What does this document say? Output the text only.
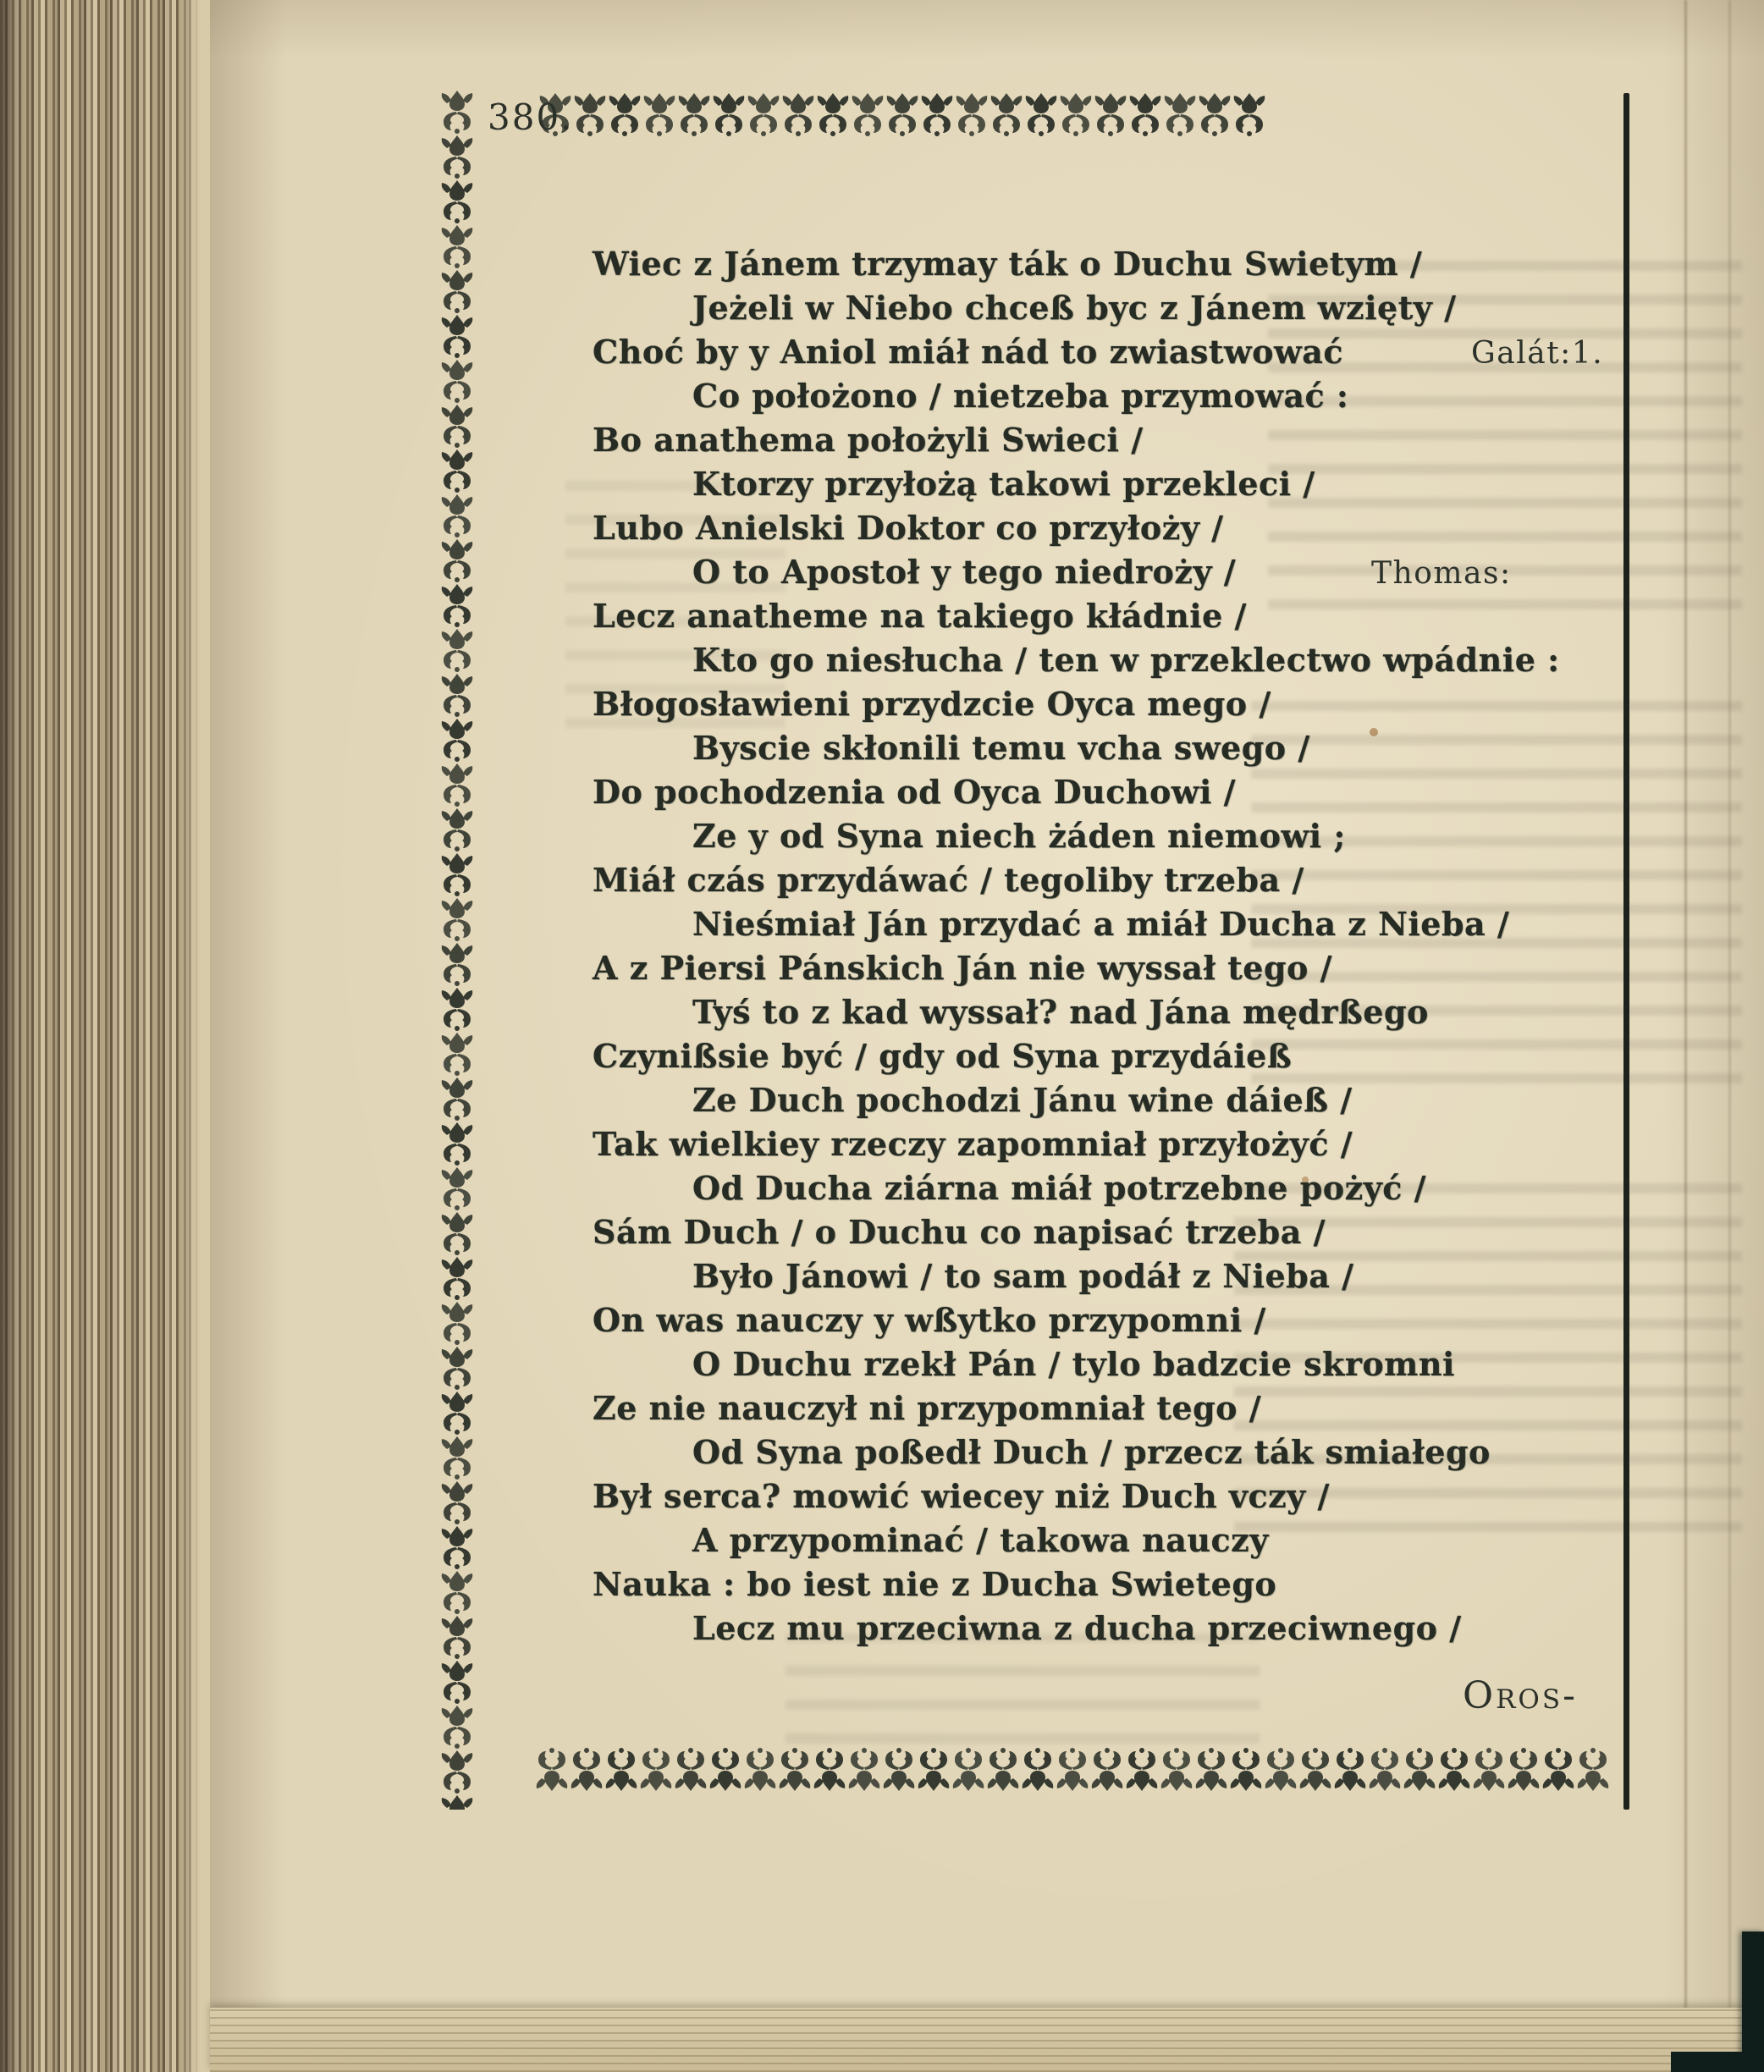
380.
Wiec z Jánem trzymay ták o Duchu Swietym /
Jeżeli w Niebo chceß byc z Jánem wzięty /
Choć by y Aniol miáł nád to zwiastwować	Galát:1.
Co położono / nietzeba przymować :
Bo anathema położyli Swieci /
Ktorzy przyłożą takowi przekleci /
Lubo Anielski Doktor co przyłoży /
O to Apostoł y tego niedroży /	Thomas:
Lecz anatheme na takiego kłádnie /
Kto go niesłucha / ten w przeklectwo wpádnie :
Błogosławieni przydzcie Oyca mego /
Byscie skłonili temu vcha swego /
Do pochodzenia od Oyca Duchowi /
Ze y od Syna niech żáden niemowi ;
Miáł czás przydáwać / tegoliby trzeba /
Nieśmiał Ján przydać a miáł Ducha z Nieba /
A z Piersi Pánskich Ján nie wyssał tego /
Tyś to z kad wyssał? nad Jána mędrßego
Czynißsie być / gdy od Syna przydáieß
Ze Duch pochodzi Jánu wine dáieß /
Tak wielkiey rzeczy zapomniał przyłożyć /
Od Ducha ziárna miáł potrzebne pożyć /
Sám Duch / o Duchu co napisać trzeba /
Było Jánowi / to sam podáł z Nieba /
On was nauczy y wßytko przypomni /
O Duchu rzekł Pán / tylo badzcie skromni
Ze nie nauczył ni przypomniał tego /
Od Syna poßedł Duch / przecz ták smiałego
Był serca? mowić wiecey niż Duch vczy /
A przypominać / takowa nauczy
Nauka : bo iest nie z Ducha Swietego
Lecz mu przeciwna z ducha przeciwnego /
Oros-
